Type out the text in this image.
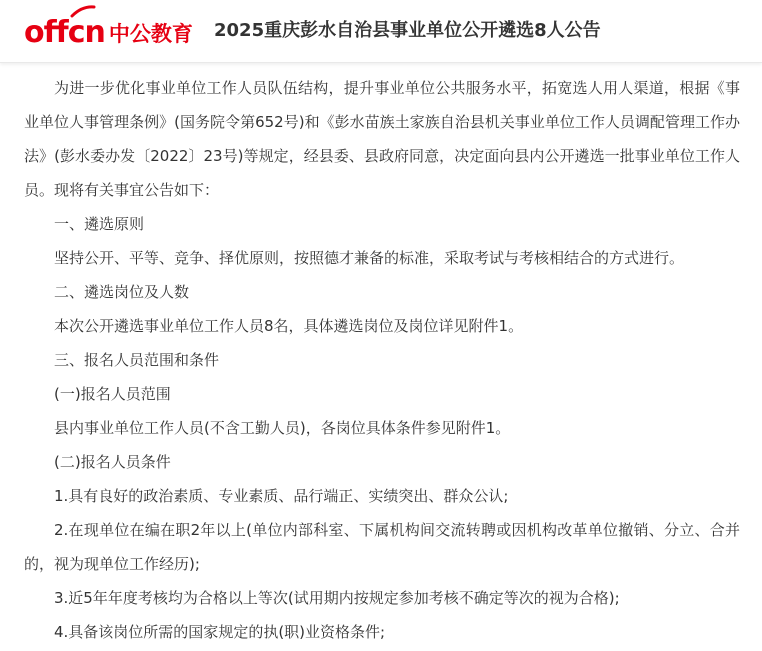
offcn 中公教育 2025重庆彭水自治县事业单位公开遴选8人公告

为进一步优化事业单位工作人员队伍结构，提升事业单位公共服务水平，拓宽选人用人渠道，根据《事业单位人事管理条例》(国务院令第652号)和《彭水苗族土家族自治县机关事业单位工作人员调配管理工作办法》(彭水委办发〔2022〕23号)等规定，经县委、县政府同意，决定面向县内公开遴选一批事业单位工作人员。现将有关事宜公告如下：

一、遴选原则

坚持公开、平等、竞争、择优原则，按照德才兼备的标准，采取考试与考核相结合的方式进行。

二、遴选岗位及人数

本次公开遴选事业单位工作人员8名，具体遴选岗位及岗位详见附件1。

三、报名人员范围和条件

(一)报名人员范围

县内事业单位工作人员(不含工勤人员)，各岗位具体条件参见附件1。

(二)报名人员条件

1.具有良好的政治素质、专业素质、品行端正、实绩突出、群众公认;

2.在现单位在编在职2年以上(单位内部科室、下属机构间交流转聘或因机构改革单位撤销、分立、合并的，视为现单位工作经历);

3.近5年年度考核均为合格以上等次(试用期内按规定参加考核不确定等次的视为合格);

4.具备该岗位所需的国家规定的执(职)业资格条件;
